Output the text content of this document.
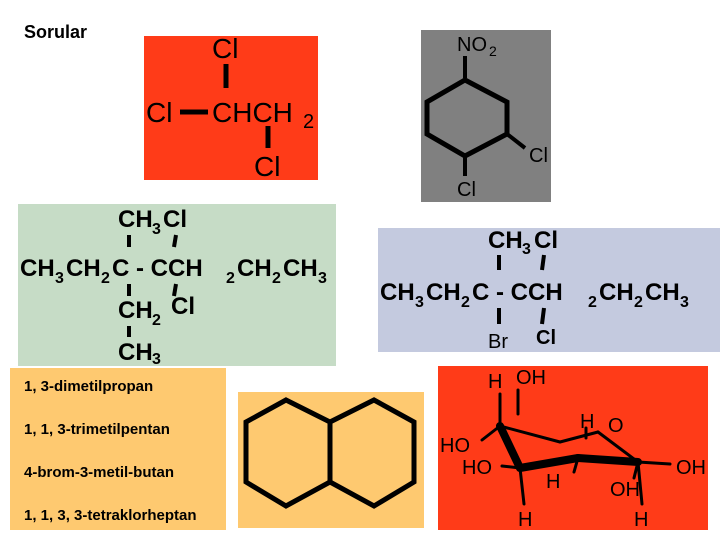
Sorular
Cl
Cl CHCH 2
Cl
NO 2
Cl
Cl
CH 3 Cl
CH 3 CH 2 C - CCH 2 CH 2 CH 3
CH 2
Cl
CH 3
CH 3 Cl
CH 3 CH 2 C - CCH 2 CH 2 CH 3
Br Cl
1, 3-dimetilpropan
1, 1, 3-trimetilpentan
4-brom-3-metil-butan
1, 1, 3, 3-tetraklorheptan
H OH
H O
HO
HO
H OH
OH
H	H
